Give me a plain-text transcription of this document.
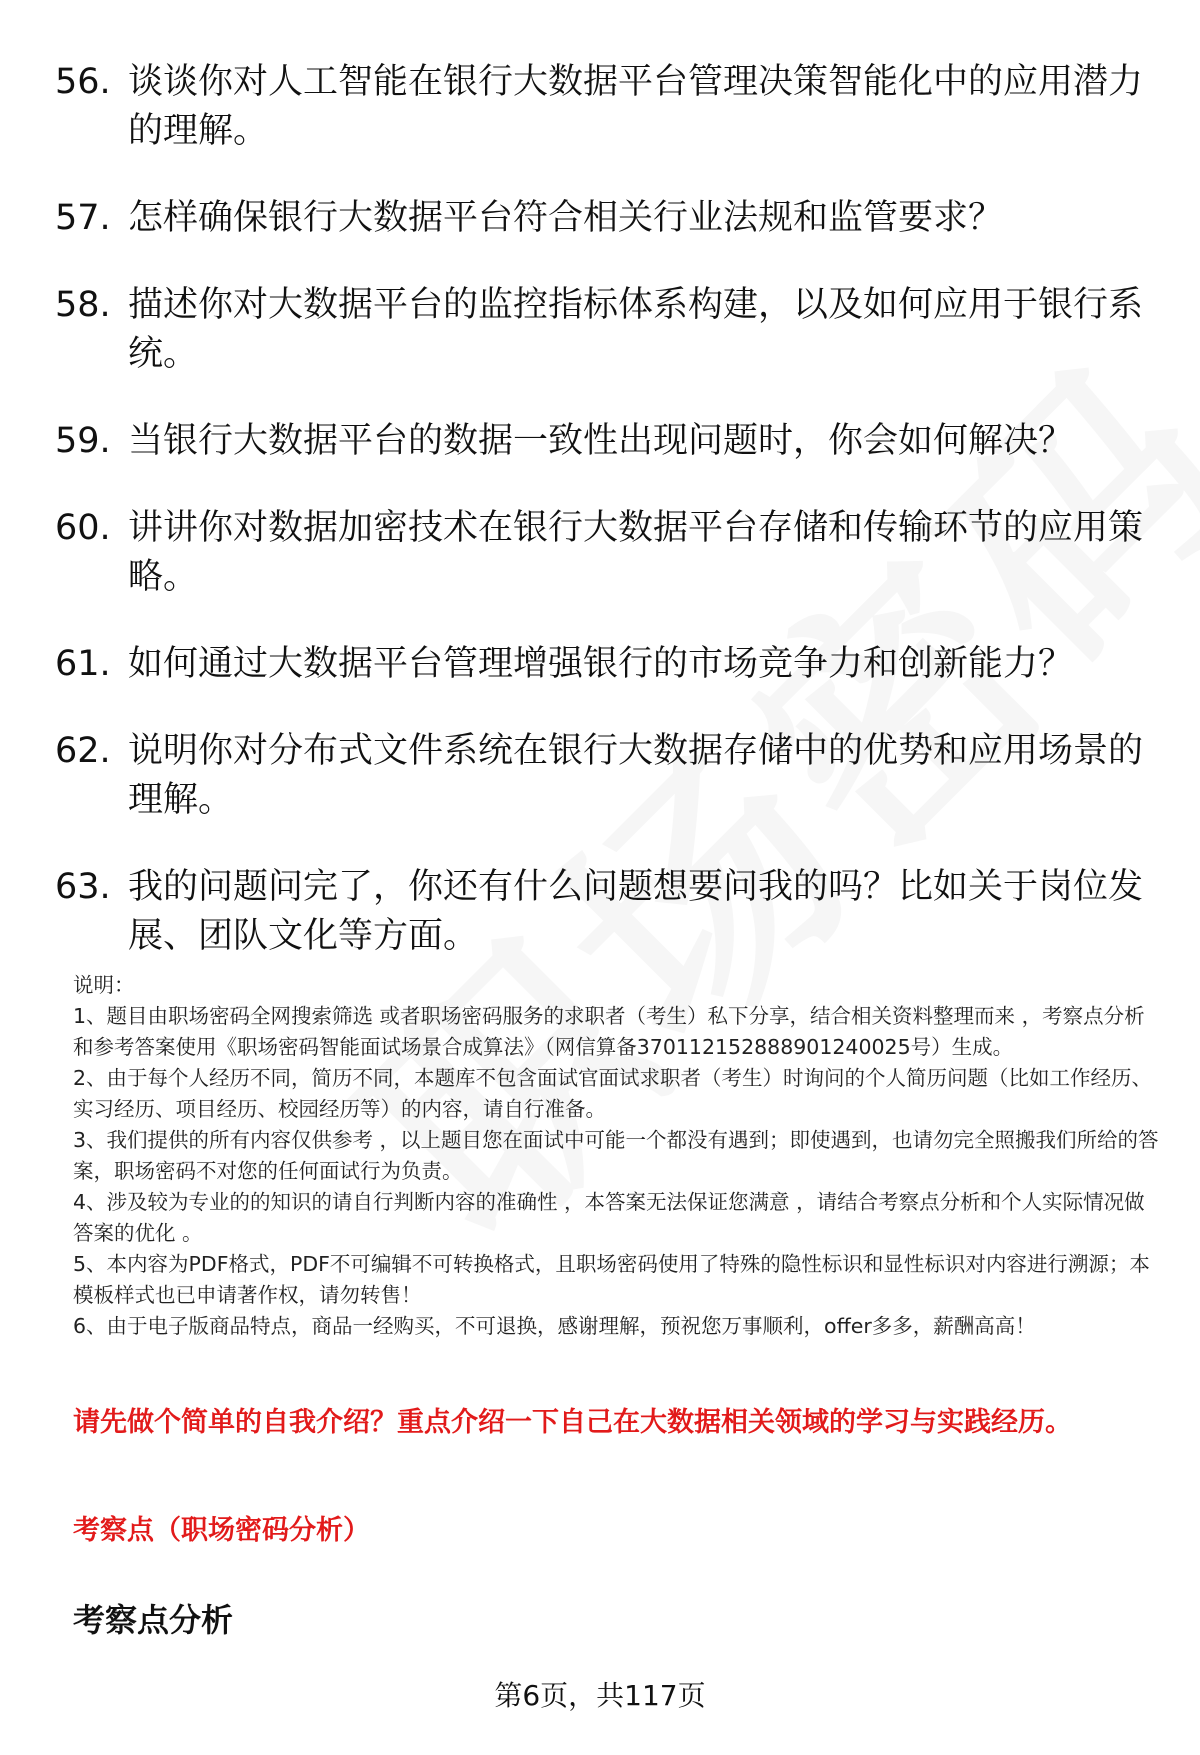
56. 谈谈你对人工智能在银行大数据平台管理决策智能化中的应用潜力的理解。
57. 怎样确保银行大数据平台符合相关行业法规和监管要求？
58. 描述你对大数据平台的监控指标体系构建，以及如何应用于银行系统。
59. 当银行大数据平台的数据一致性出现问题时，你会如何解决？
60. 讲讲你对数据加密技术在银行大数据平台存储和传输环节的应用策略。
61. 如何通过大数据平台管理增强银行的市场竞争力和创新能力？
62. 说明你对分布式文件系统在银行大数据存储中的优势和应用场景的理解。
63. 我的问题问完了，你还有什么问题想要问我的吗？比如关于岗位发展、团队文化等方面。

说明：

1、题目由职场密码全网搜索筛选 或者职场密码服务的求职者（考生）私下分享，结合相关资料整理而来 ，考察点分析和参考答案使用《职场密码智能面试场景合成算法》（网信算备370112152888901240025号）生成。

2、由于每个人经历不同，简历不同，本题库不包含面试官面试求职者（考生）时询问的个人简历问题（比如工作经历、实习经历、项目经历、校园经历等）的内容，请自行准备。

3、我们提供的所有内容仅供参考 ，以上题目您在面试中可能一个都没有遇到；即使遇到，也请勿完全照搬我们所给的答案，职场密码不对您的任何面试行为负责。

4、涉及较为专业的的知识的请自行判断内容的准确性 ，本答案无法保证您满意 ，请结合考察点分析和个人实际情况做答案的优化 。

5、本内容为PDF格式，PDF不可编辑不可转换格式，且职场密码使用了特殊的隐性标识和显性标识对内容进行溯源；本模板样式也已申请著作权，请勿转售！

6、由于电子版商品特点，商品一经购买，不可退换，感谢理解，预祝您万事顺利，offer多多，薪酬高高！

请先做个简单的自我介绍？重点介绍一下自己在大数据相关领域的学习与实践经历。
考察点（职场密码分析）
考察点分析
第6页，共117页
